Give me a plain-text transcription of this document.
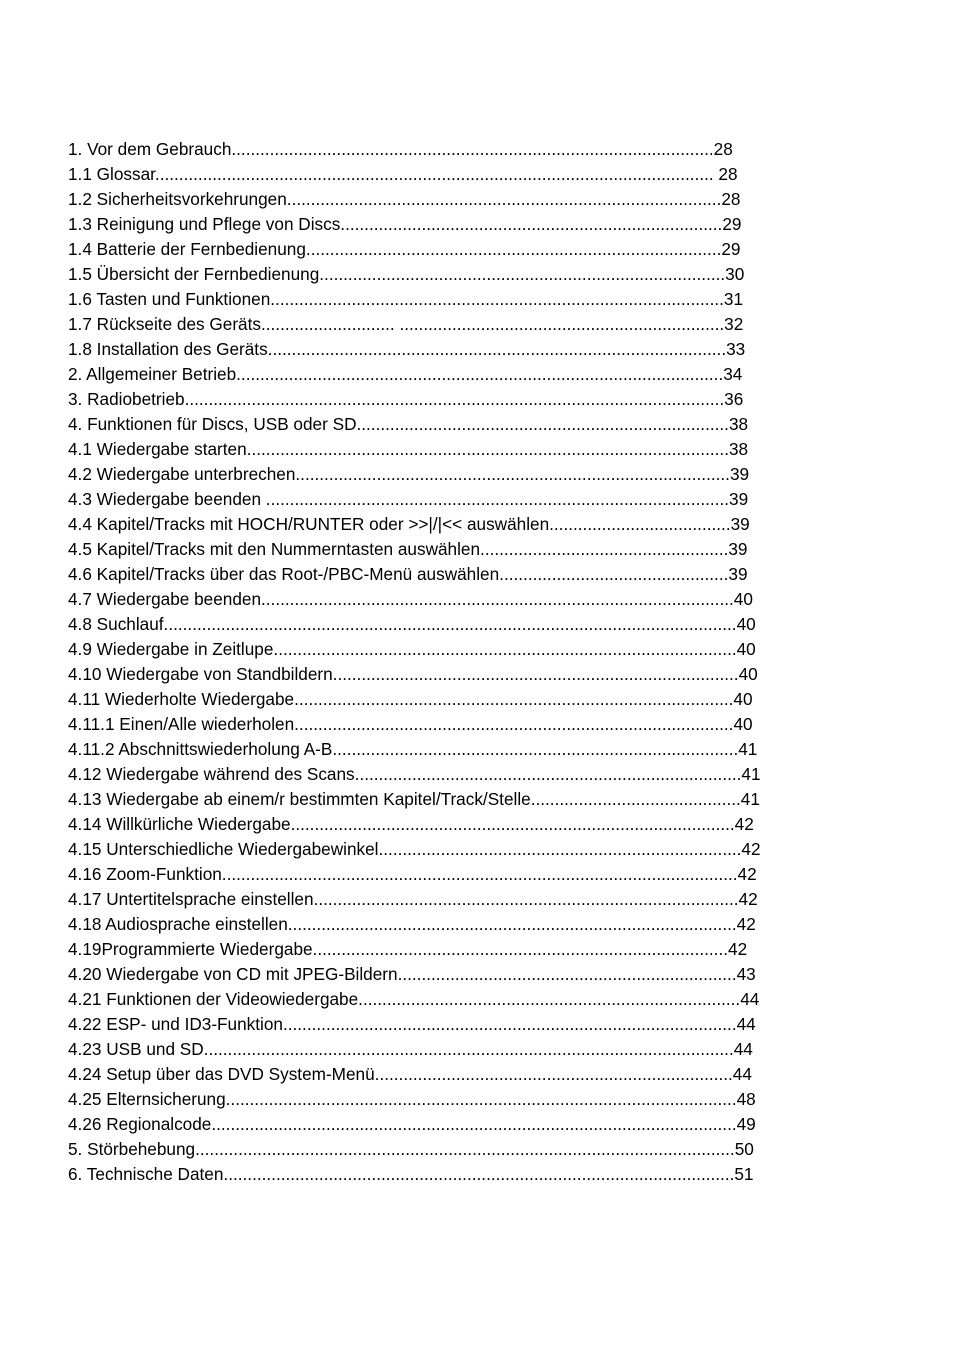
1. Vor dem Gebrauch.....................................................................................................28
1.1 Glossar..................................................................................................................... 28
1.2 Sicherheitsvorkehrungen...........................................................................................28
1.3 Reinigung und Pflege von Discs................................................................................29
1.4 Batterie der Fernbedienung.......................................................................................29
1.5 Übersicht der Fernbedienung.....................................................................................30
1.6 Tasten und Funktionen...............................................................................................31
1.7 Rückseite des Geräts............................ ....................................................................32
1.8 Installation des Geräts................................................................................................33
2. Allgemeiner Betrieb......................................................................................................34
3. Radiobetrieb.................................................................................................................36
4. Funktionen für Discs, USB oder SD..............................................................................38
4.1 Wiedergabe starten.....................................................................................................38
4.2 Wiedergabe unterbrechen...........................................................................................39
4.3 Wiedergabe beenden .................................................................................................39
4.4 Kapitel/Tracks mit HOCH/RUNTER oder >>|/|<< auswählen......................................39
4.5 Kapitel/Tracks mit den Nummerntasten auswählen....................................................39
4.6 Kapitel/Tracks über das Root-/PBC-Menü auswählen................................................39
4.7 Wiedergabe beenden...................................................................................................40
4.8 Suchlauf........................................................................................................................40
4.9 Wiedergabe in Zeitlupe.................................................................................................40
4.10 Wiedergabe von Standbildern.....................................................................................40
4.11 Wiederholte Wiedergabe............................................................................................40
4.11.1 Einen/Alle wiederholen............................................................................................40
4.11.2 Abschnittswiederholung A-B.....................................................................................41
4.12 Wiedergabe während des Scans.................................................................................41
4.13 Wiedergabe ab einem/r bestimmten Kapitel/Track/Stelle............................................41
4.14 Willkürliche Wiedergabe.............................................................................................42
4.15 Unterschiedliche Wiedergabewinkel............................................................................42
4.16 Zoom-Funktion............................................................................................................42
4.17 Untertitelsprache einstellen.........................................................................................42
4.18 Audiosprache einstellen..............................................................................................42
4.19Programmierte Wiedergabe.......................................................................................42
4.20 Wiedergabe von CD mit JPEG-Bildern.......................................................................43
4.21 Funktionen der Videowiedergabe................................................................................44
4.22 ESP- und ID3-Funktion...............................................................................................44
4.23 USB und SD...............................................................................................................44
4.24 Setup über das DVD System-Menü...........................................................................44
4.25 Elternsicherung...........................................................................................................48
4.26 Regionalcode..............................................................................................................49
5. Störbehebung.................................................................................................................50
6. Technische Daten...........................................................................................................51
